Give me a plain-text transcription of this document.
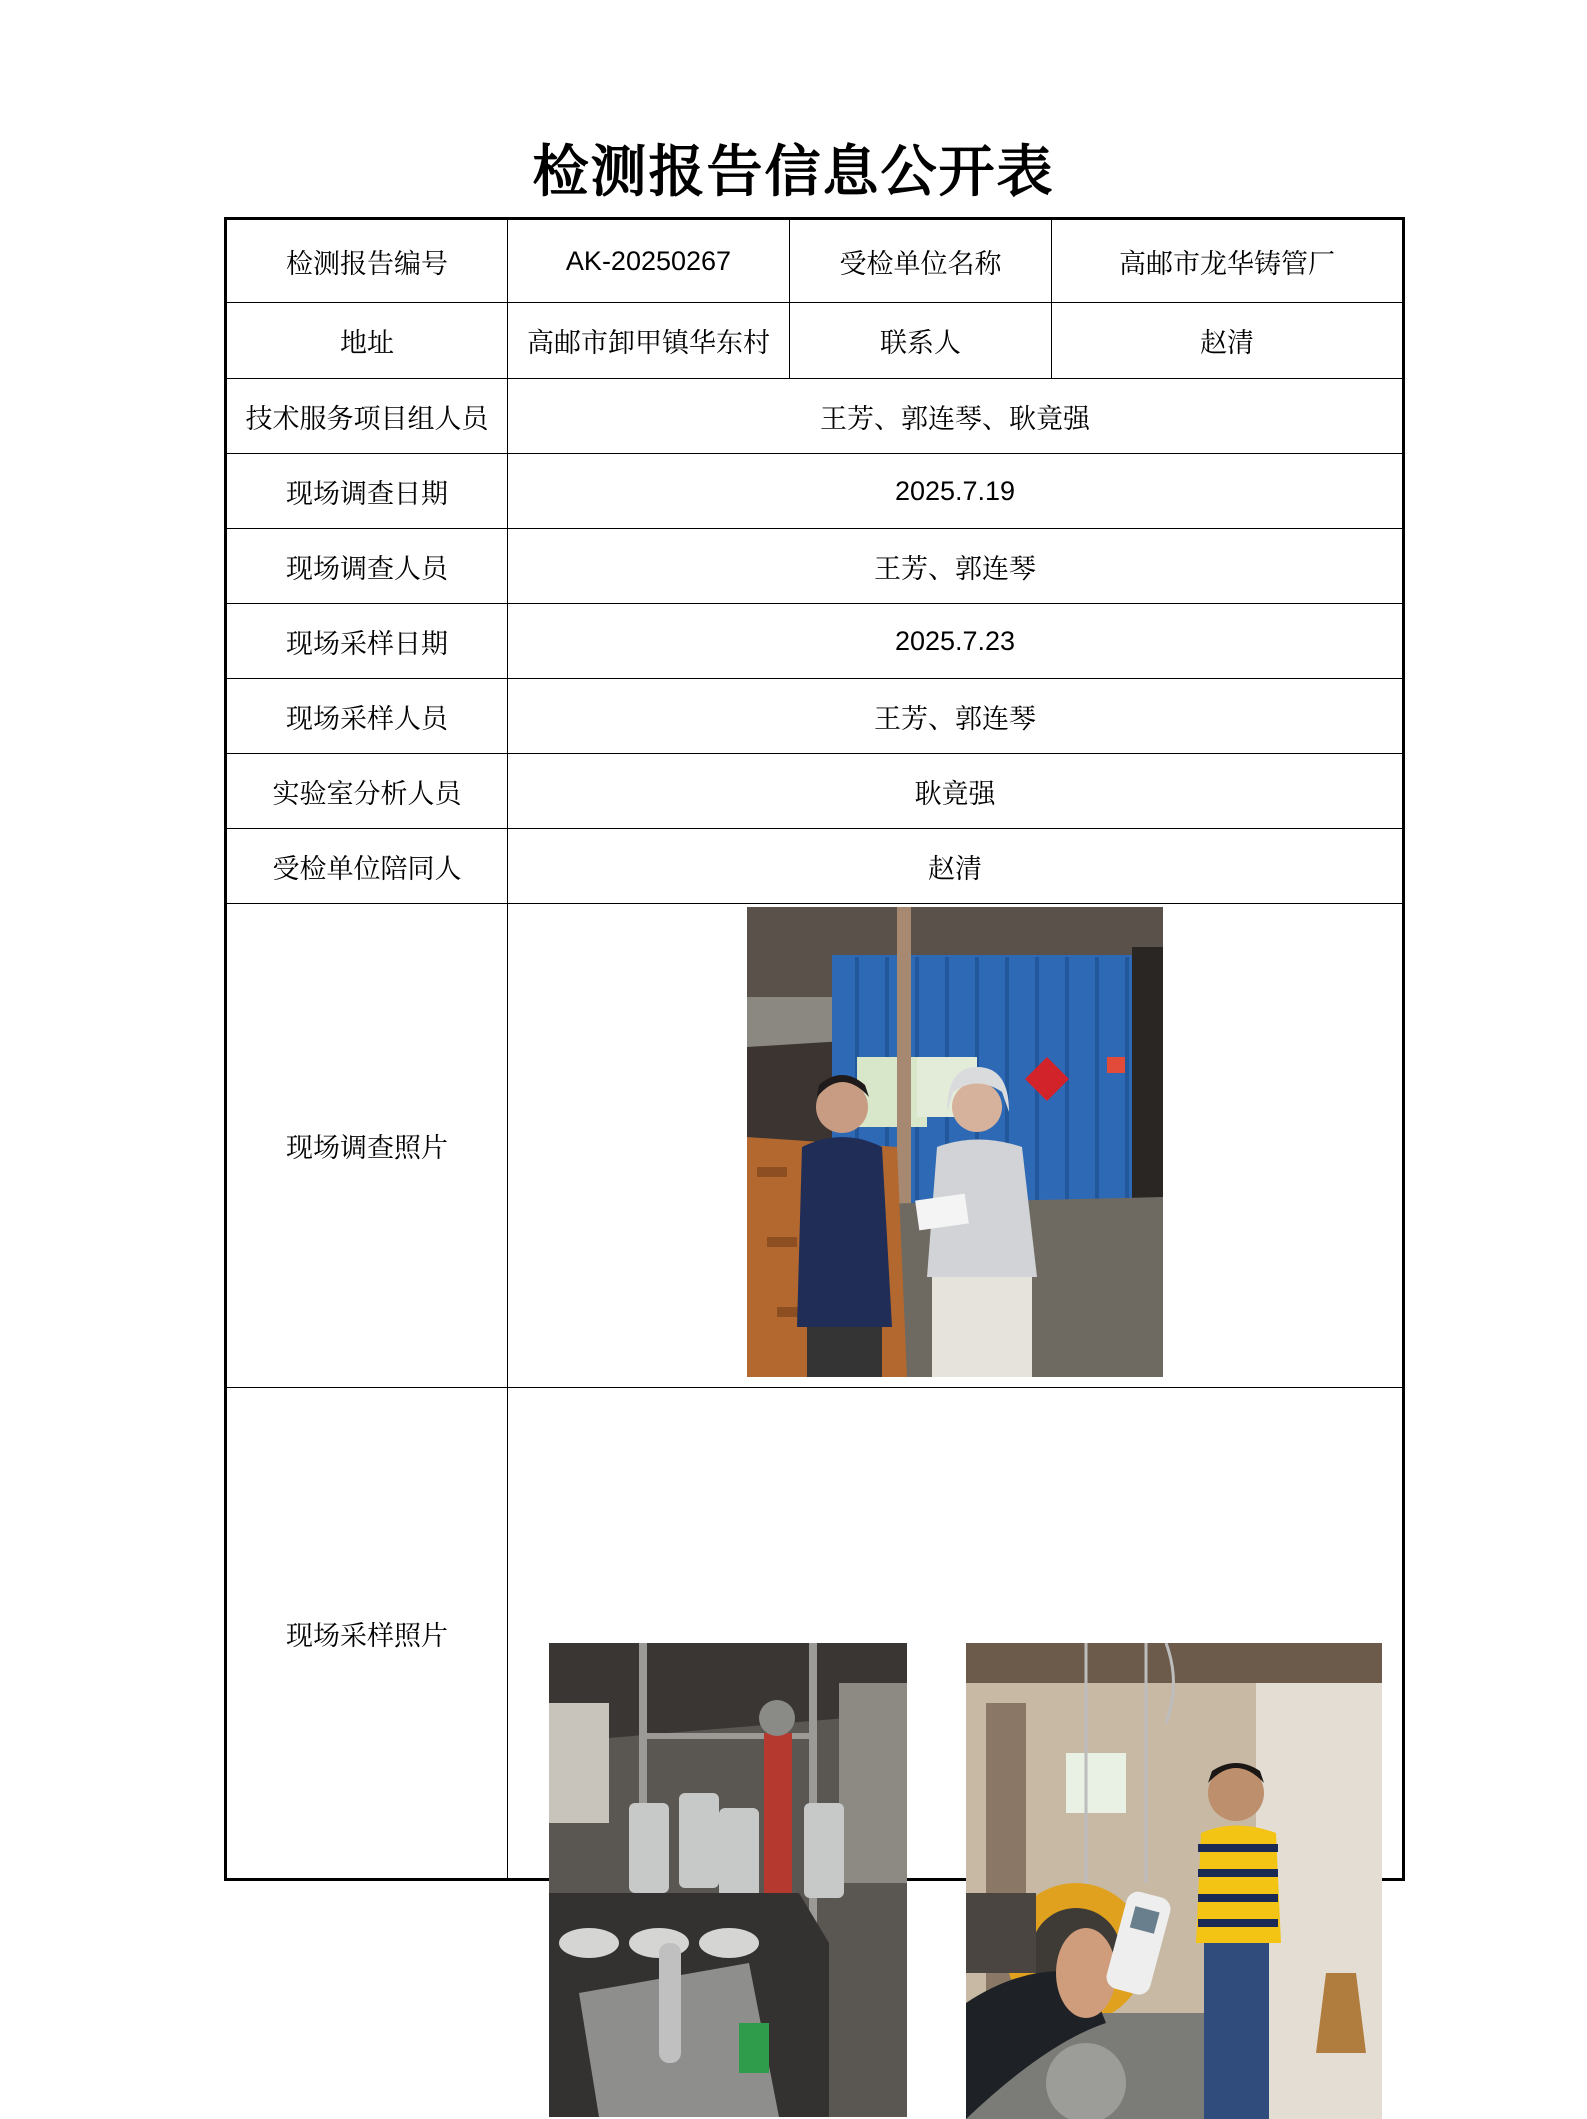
检测报告信息公开表
检测报告编号	AK-20250267	受检单位名称	高邮市龙华铸管厂
地址	高邮市卸甲镇华东村	联系人	赵清
技术服务项目组人员	王芳、郭连琴、耿竟强		
现场调查日期	2025.7.19		
现场调查人员	王芳、郭连琴		
现场采样日期	2025.7.23		
现场采样人员	王芳、郭连琴		
实验室分析人员	耿竟强		
受检单位陪同人	赵清		
现场调查照片	

现场采样照片	
